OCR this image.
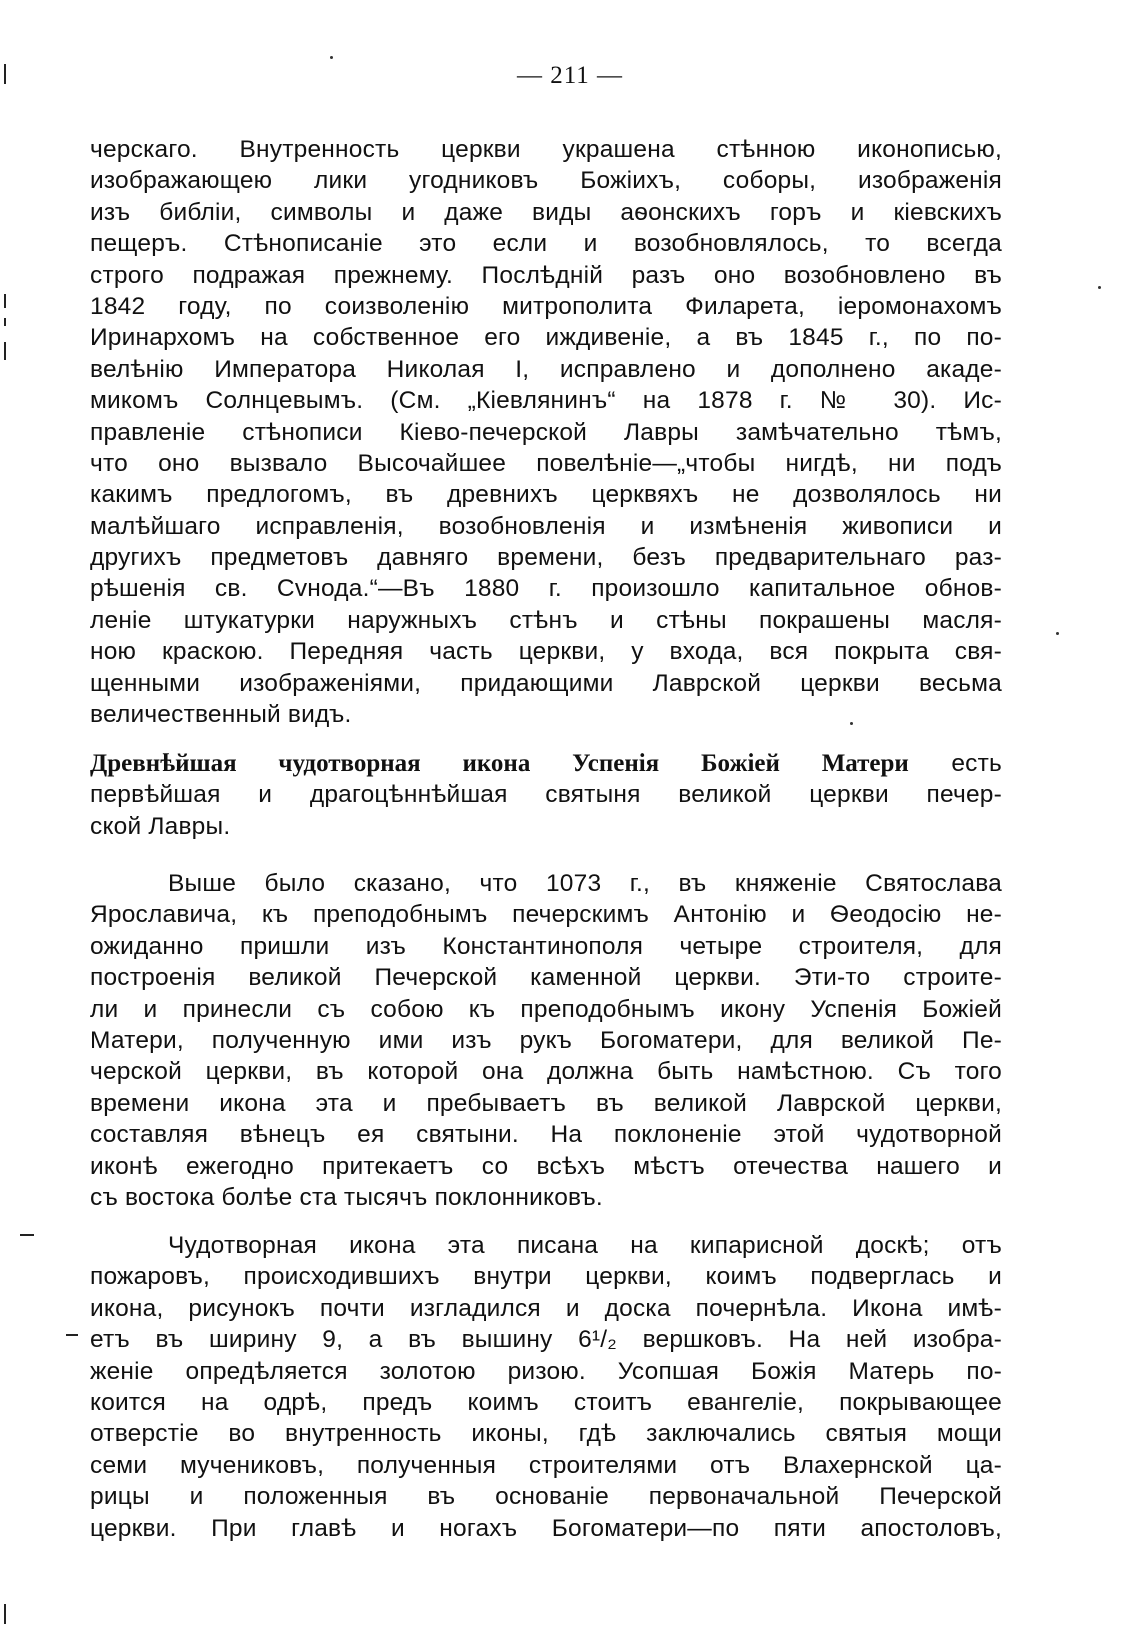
— 211 —
черскаго. Внутренность церкви украшена стѣнною иконописью,
изображающею лики угодниковъ Божіихъ, соборы, изображенія
изъ библіи, символы и даже виды аѳонскихъ горъ и кіевскихъ
пещеръ. Стѣнописаніе это если и возобновлялось, то всегда
строго подражая прежнему. Послѣдній разъ оно возобновлено въ
1842 году, по соизволенію митрополита Филарета, іеромонахомъ
Иринархомъ на собственное его иждивеніе, а въ 1845 г., по по-
велѣнію Императора Николая I, исправлено и дополнено акаде-
микомъ Солнцевымъ. (См. „Кіевлянинъ“ на 1878 г. № 30). Ис-
правленіе стѣнописи Кіево-печерской Лавры замѣчательно тѣмъ,
что оно вызвало Высочайшее повелѣніе—„чтобы нигдѣ, ни подъ
какимъ предлогомъ, въ древнихъ церквяхъ не дозволялось ни
малѣйшаго исправленія, возобновленія и измѣненія живописи и
другихъ предметовъ давняго времени, безъ предварительнаго раз-
рѣшенія св. Сvнода.“—Въ 1880 г. произошло капитальное обнов-
леніе штукатурки наружныхъ стѣнъ и стѣны покрашены масля-
ною краскою. Передняя часть церкви, у входа, вся покрыта свя-
щенными изображеніями, придающими Лаврской церкви весьма
величественный видъ.
Древнѣйшая чудотворная икона Успенія Божіей Матери есть
первѣйшая и драгоцѣннѣйшая святыня великой церкви печер-
ской Лавры.
Выше было сказано, что 1073 г., въ княженіе Святослава
Ярославича, къ преподобнымъ печерскимъ Антонію и Ѳеодосію не-
ожиданно пришли изъ Константинополя четыре строителя, для
построенія великой Печерской каменной церкви. Эти-то строите-
ли и принесли съ собою къ преподобнымъ икону Успенія Божіей
Матери, полученную ими изъ рукъ Богоматери, для великой Пе-
черской церкви, въ которой она должна быть намѣстною. Съ того
времени икона эта и пребываетъ въ великой Лаврской церкви,
составляя вѣнецъ ея святыни. На поклоненіе этой чудотворной
иконѣ ежегодно притекаетъ со всѣхъ мѣстъ отечества нашего и
съ востока болѣе ста тысячъ поклонниковъ.
Чудотворная икона эта писана на кипарисной доскѣ; отъ
пожаровъ, происходившихъ внутри церкви, коимъ подверглась и
икона, рисунокъ почти изгладился и доска почернѣла. Икона имѣ-
етъ въ ширину 9, а въ вышину 6¹/₂ вершковъ. На ней изобра-
женіе опредѣляется золотою ризою. Усопшая Божія Матерь по-
коится на одрѣ, предъ коимъ стоитъ евангеліе, покрывающее
отверстіе во внутренность иконы, гдѣ заключались святыя мощи
семи мучениковъ, полученныя строителями отъ Влахернской ца-
рицы и положенныя въ основаніе первоначальной Печерской
церкви. При главѣ и ногахъ Богоматери—по пяти апостоловъ,
